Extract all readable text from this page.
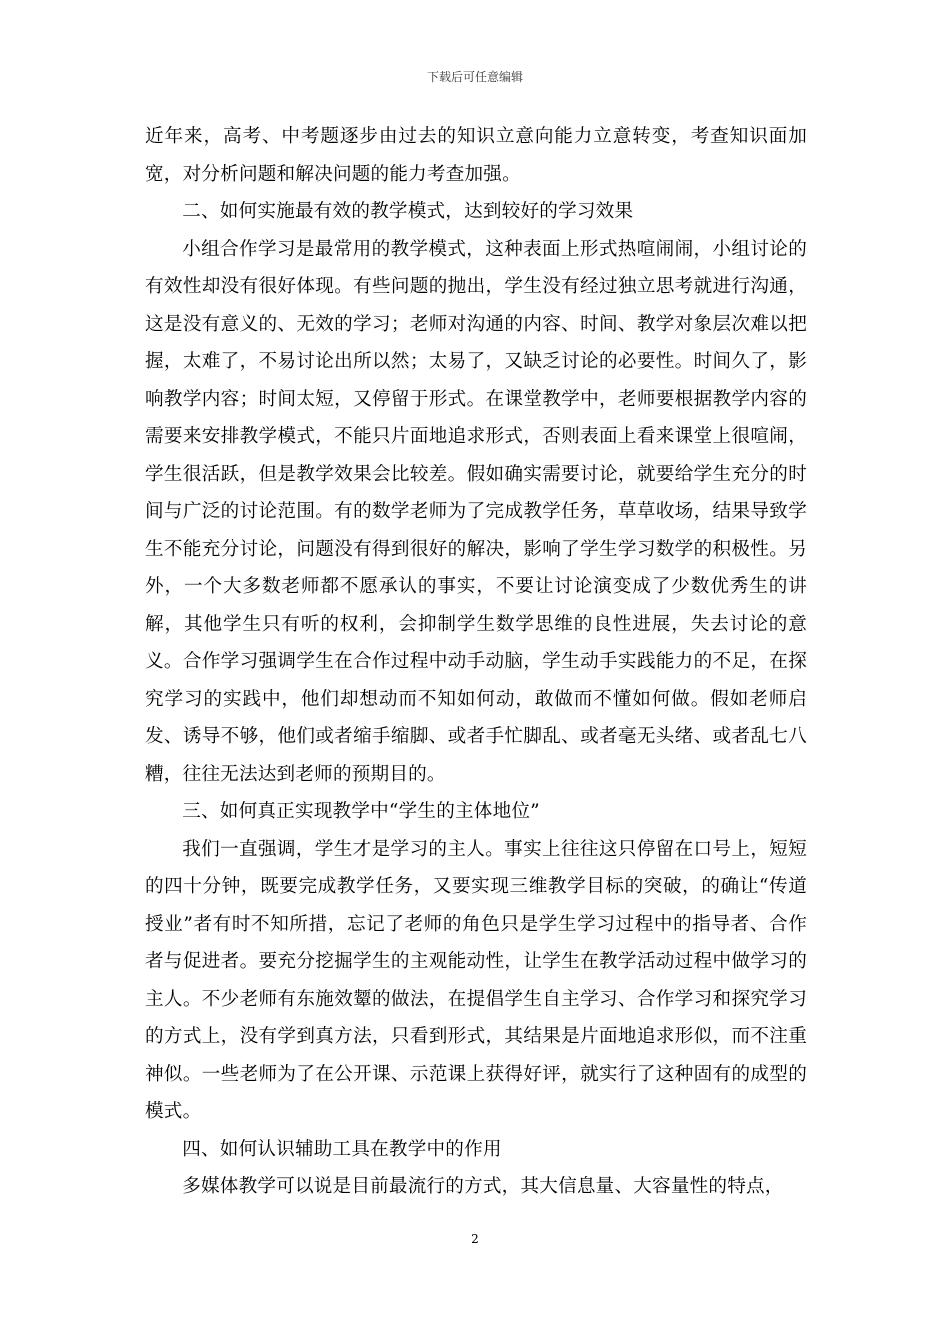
下载后可任意编辑

近年来，高考、中考题逐步由过去的知识立意向能力立意转变，考查知识面加宽，对分析问题和解决问题的能力考查加强。

二、如何实施最有效的教学模式，达到较好的学习效果

小组合作学习是最常用的教学模式，这种表面上形式热喧闹闹，小组讨论的有效性却没有很好体现。有些问题的抛出，学生没有经过独立思考就进行沟通，这是没有意义的、无效的学习；老师对沟通的内容、时间、教学对象层次难以把握，太难了，不易讨论出所以然；太易了，又缺乏讨论的必要性。时间久了，影响教学内容；时间太短，又停留于形式。在课堂教学中，老师要根据教学内容的需要来安排教学模式，不能只片面地追求形式，否则表面上看来课堂上很喧闹，学生很活跃，但是教学效果会比较差。假如确实需要讨论，就要给学生充分的时间与广泛的讨论范围。有的数学老师为了完成教学任务，草草收场，结果导致学生不能充分讨论，问题没有得到很好的解决，影响了学生学习数学的积极性。另外，一个大多数老师都不愿承认的事实，不要让讨论演变成了少数优秀生的讲解，其他学生只有听的权利，会抑制学生数学思维的良性进展，失去讨论的意义。合作学习强调学生在合作过程中动手动脑，学生动手实践能力的不足，在探究学习的实践中，他们却想动而不知如何动，敢做而不懂如何做。假如老师启发、诱导不够，他们或者缩手缩脚、或者手忙脚乱、或者毫无头绪、或者乱七八糟，往往无法达到老师的预期目的。

三、如何真正实现教学中“学生的主体地位”

我们一直强调，学生才是学习的主人。事实上往往这只停留在口号上，短短的四十分钟，既要完成教学任务，又要实现三维教学目标的突破，的确让“传道授业”者有时不知所措，忘记了老师的角色只是学生学习过程中的指导者、合作者与促进者。要充分挖掘学生的主观能动性，让学生在教学活动过程中做学习的主人。不少老师有东施效颦的做法，在提倡学生自主学习、合作学习和探究学习的方式上，没有学到真方法，只看到形式，其结果是片面地追求形似，而不注重神似。一些老师为了在公开课、示范课上获得好评，就实行了这种固有的成型的模式。

四、如何认识辅助工具在教学中的作用

多媒体教学可以说是目前最流行的方式，其大信息量、大容量性的特点，

2
